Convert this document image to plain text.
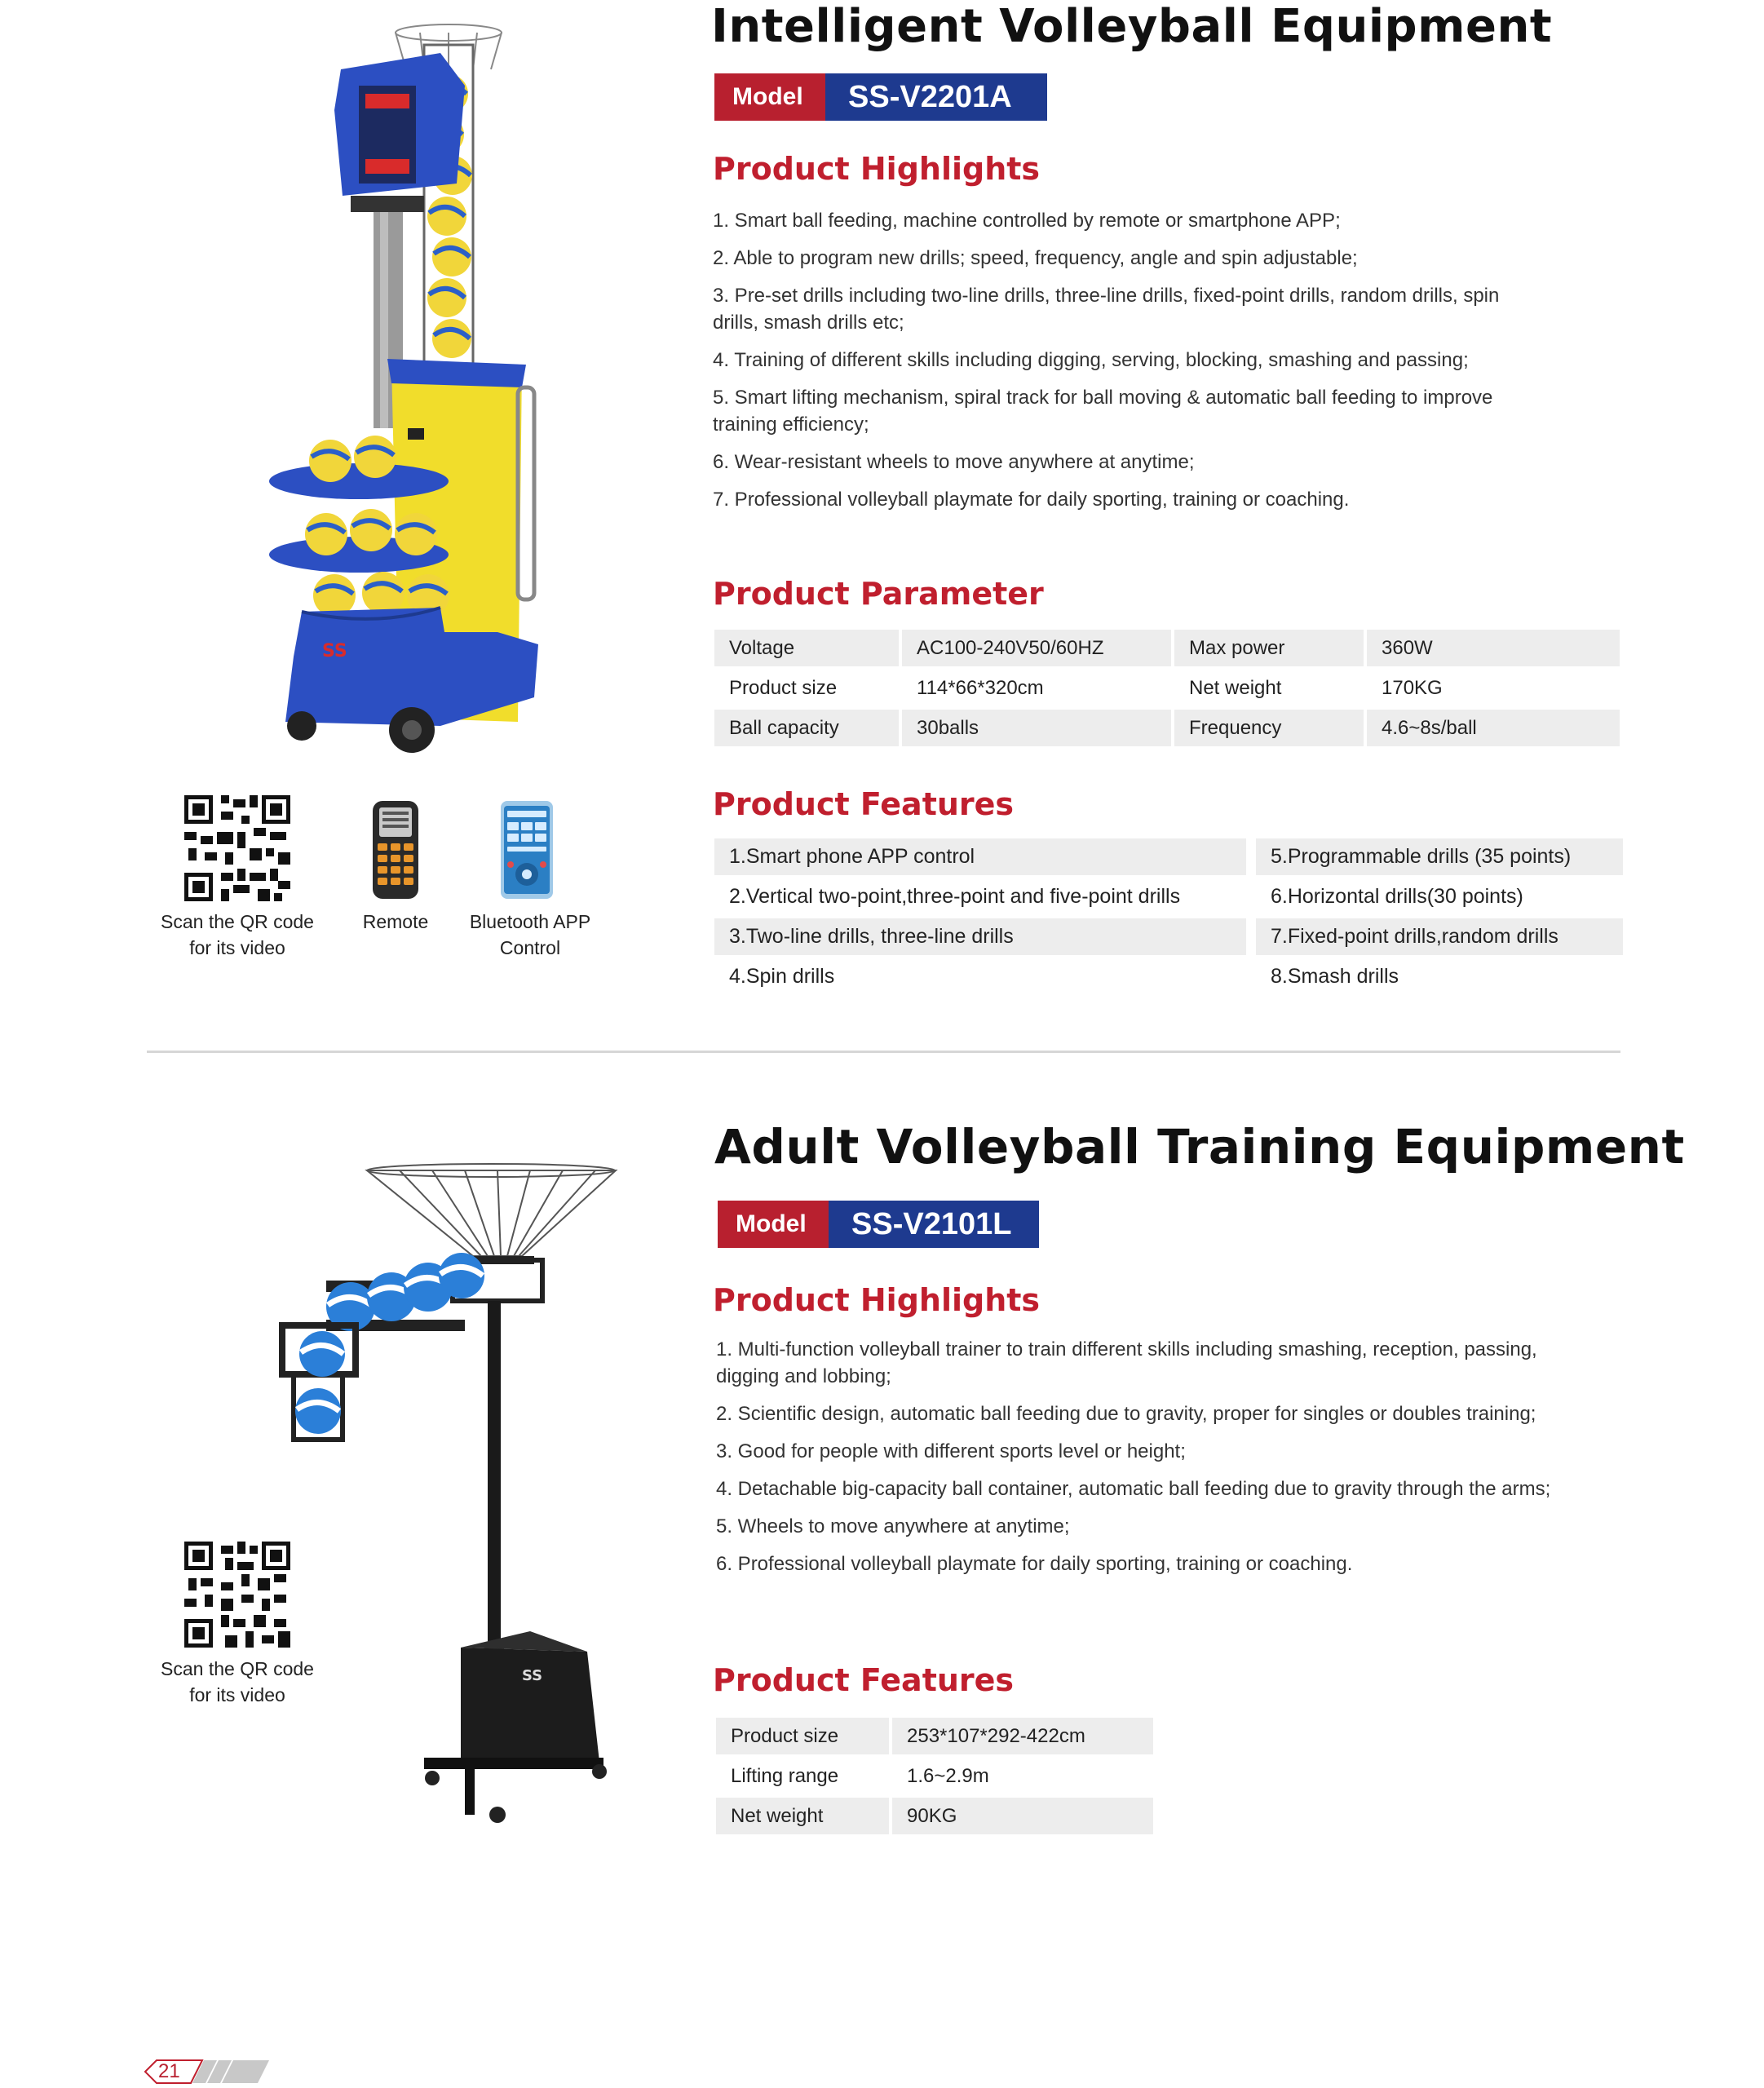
SS
Intelligent Volleyball Equipment
Model	SS-V2201A
Product Highlights
1. Smart ball feeding, machine controlled by remote or smartphone APP;
2. Able to program new drills; speed, frequency, angle and spin adjustable;
3. Pre-set drills including two-line drills, three-line drills, fixed-point drills, random drills, spin drills, smash drills etc;
4. Training of different skills including digging, serving, blocking, smashing and passing;
5. Smart lifting mechanism, spiral track for ball moving & automatic ball feeding to improve training efficiency;
6. Wear-resistant wheels to move anywhere at anytime;
7. Professional volleyball playmate for daily sporting, training or coaching.
Product Parameter
Voltage	AC100-240V50/60HZ	Max power	360W
Product size	114*66*320cm	Net weight	170KG
Ball capacity	30balls	Frequency	4.6~8s/ball
Product Features
1.Smart phone APP control	5.Programmable drills (35 points)
2.Vertical two-point,three-point and five-point drills	6.Horizontal drills(30 points)
3.Two-line drills, three-line drills	7.Fixed-point drills,random drills
4.Spin drills	8.Smash drills
Scan the QR code
for its video
Remote	Bluetooth APP
Control
SS
Adult Volleyball Training Equipment
Model	SS-V2101L
Product Highlights
1. Multi-function volleyball trainer to train different skills including smashing, reception, passing, digging and lobbing;
2. Scientific design, automatic ball feeding due to gravity, proper for singles or doubles training;
3. Good for people with different sports level or height;
4. Detachable big-capacity ball container, automatic ball feeding due to gravity through the arms;
5. Wheels to move anywhere at anytime;
6. Professional volleyball playmate for daily sporting, training or coaching.
Product Features
Product size	253*107*292-422cm
Lifting range	1.6~2.9m
Net weight	90KG
Scan the QR code
for its video
21
